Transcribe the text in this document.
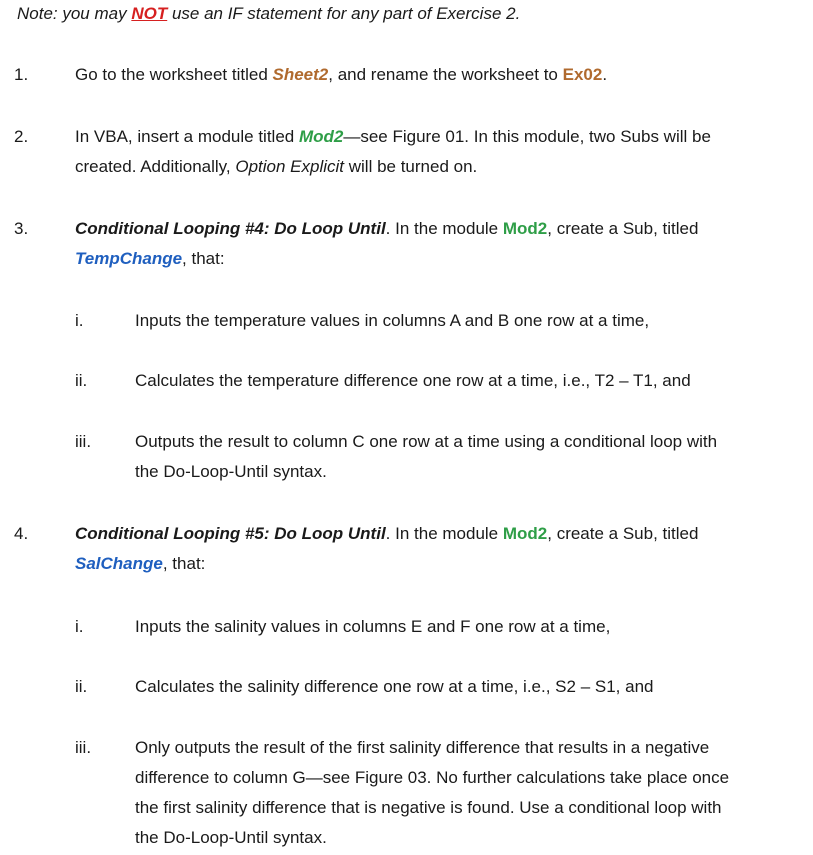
Note: you may NOT use an IF statement for any part of Exercise 2.
1.	Go to the worksheet titled Sheet2, and rename the worksheet to Ex02.
2.	In VBA, insert a module titled Mod2—see Figure 01. In this module, two Subs will be
created. Additionally, Option Explicit will be turned on.
3.	Conditional Looping #4: Do Loop Until. In the module Mod2, create a Sub, titled
TempChange, that:
i.	Inputs the temperature values in columns A and B one row at a time,
ii.	Calculates the temperature difference one row at a time, i.e., T2 – T1, and
iii.	Outputs the result to column C one row at a time using a conditional loop with
the Do-Loop-Until syntax.
4.	Conditional Looping #5: Do Loop Until. In the module Mod2, create a Sub, titled
SalChange, that:
i.	Inputs the salinity values in columns E and F one row at a time,
ii.	Calculates the salinity difference one row at a time, i.e., S2 – S1, and
iii.	Only outputs the result of the first salinity difference that results in a negative
difference to column G—see Figure 03. No further calculations take place once
the first salinity difference that is negative is found. Use a conditional loop with
the Do-Loop-Until syntax.
